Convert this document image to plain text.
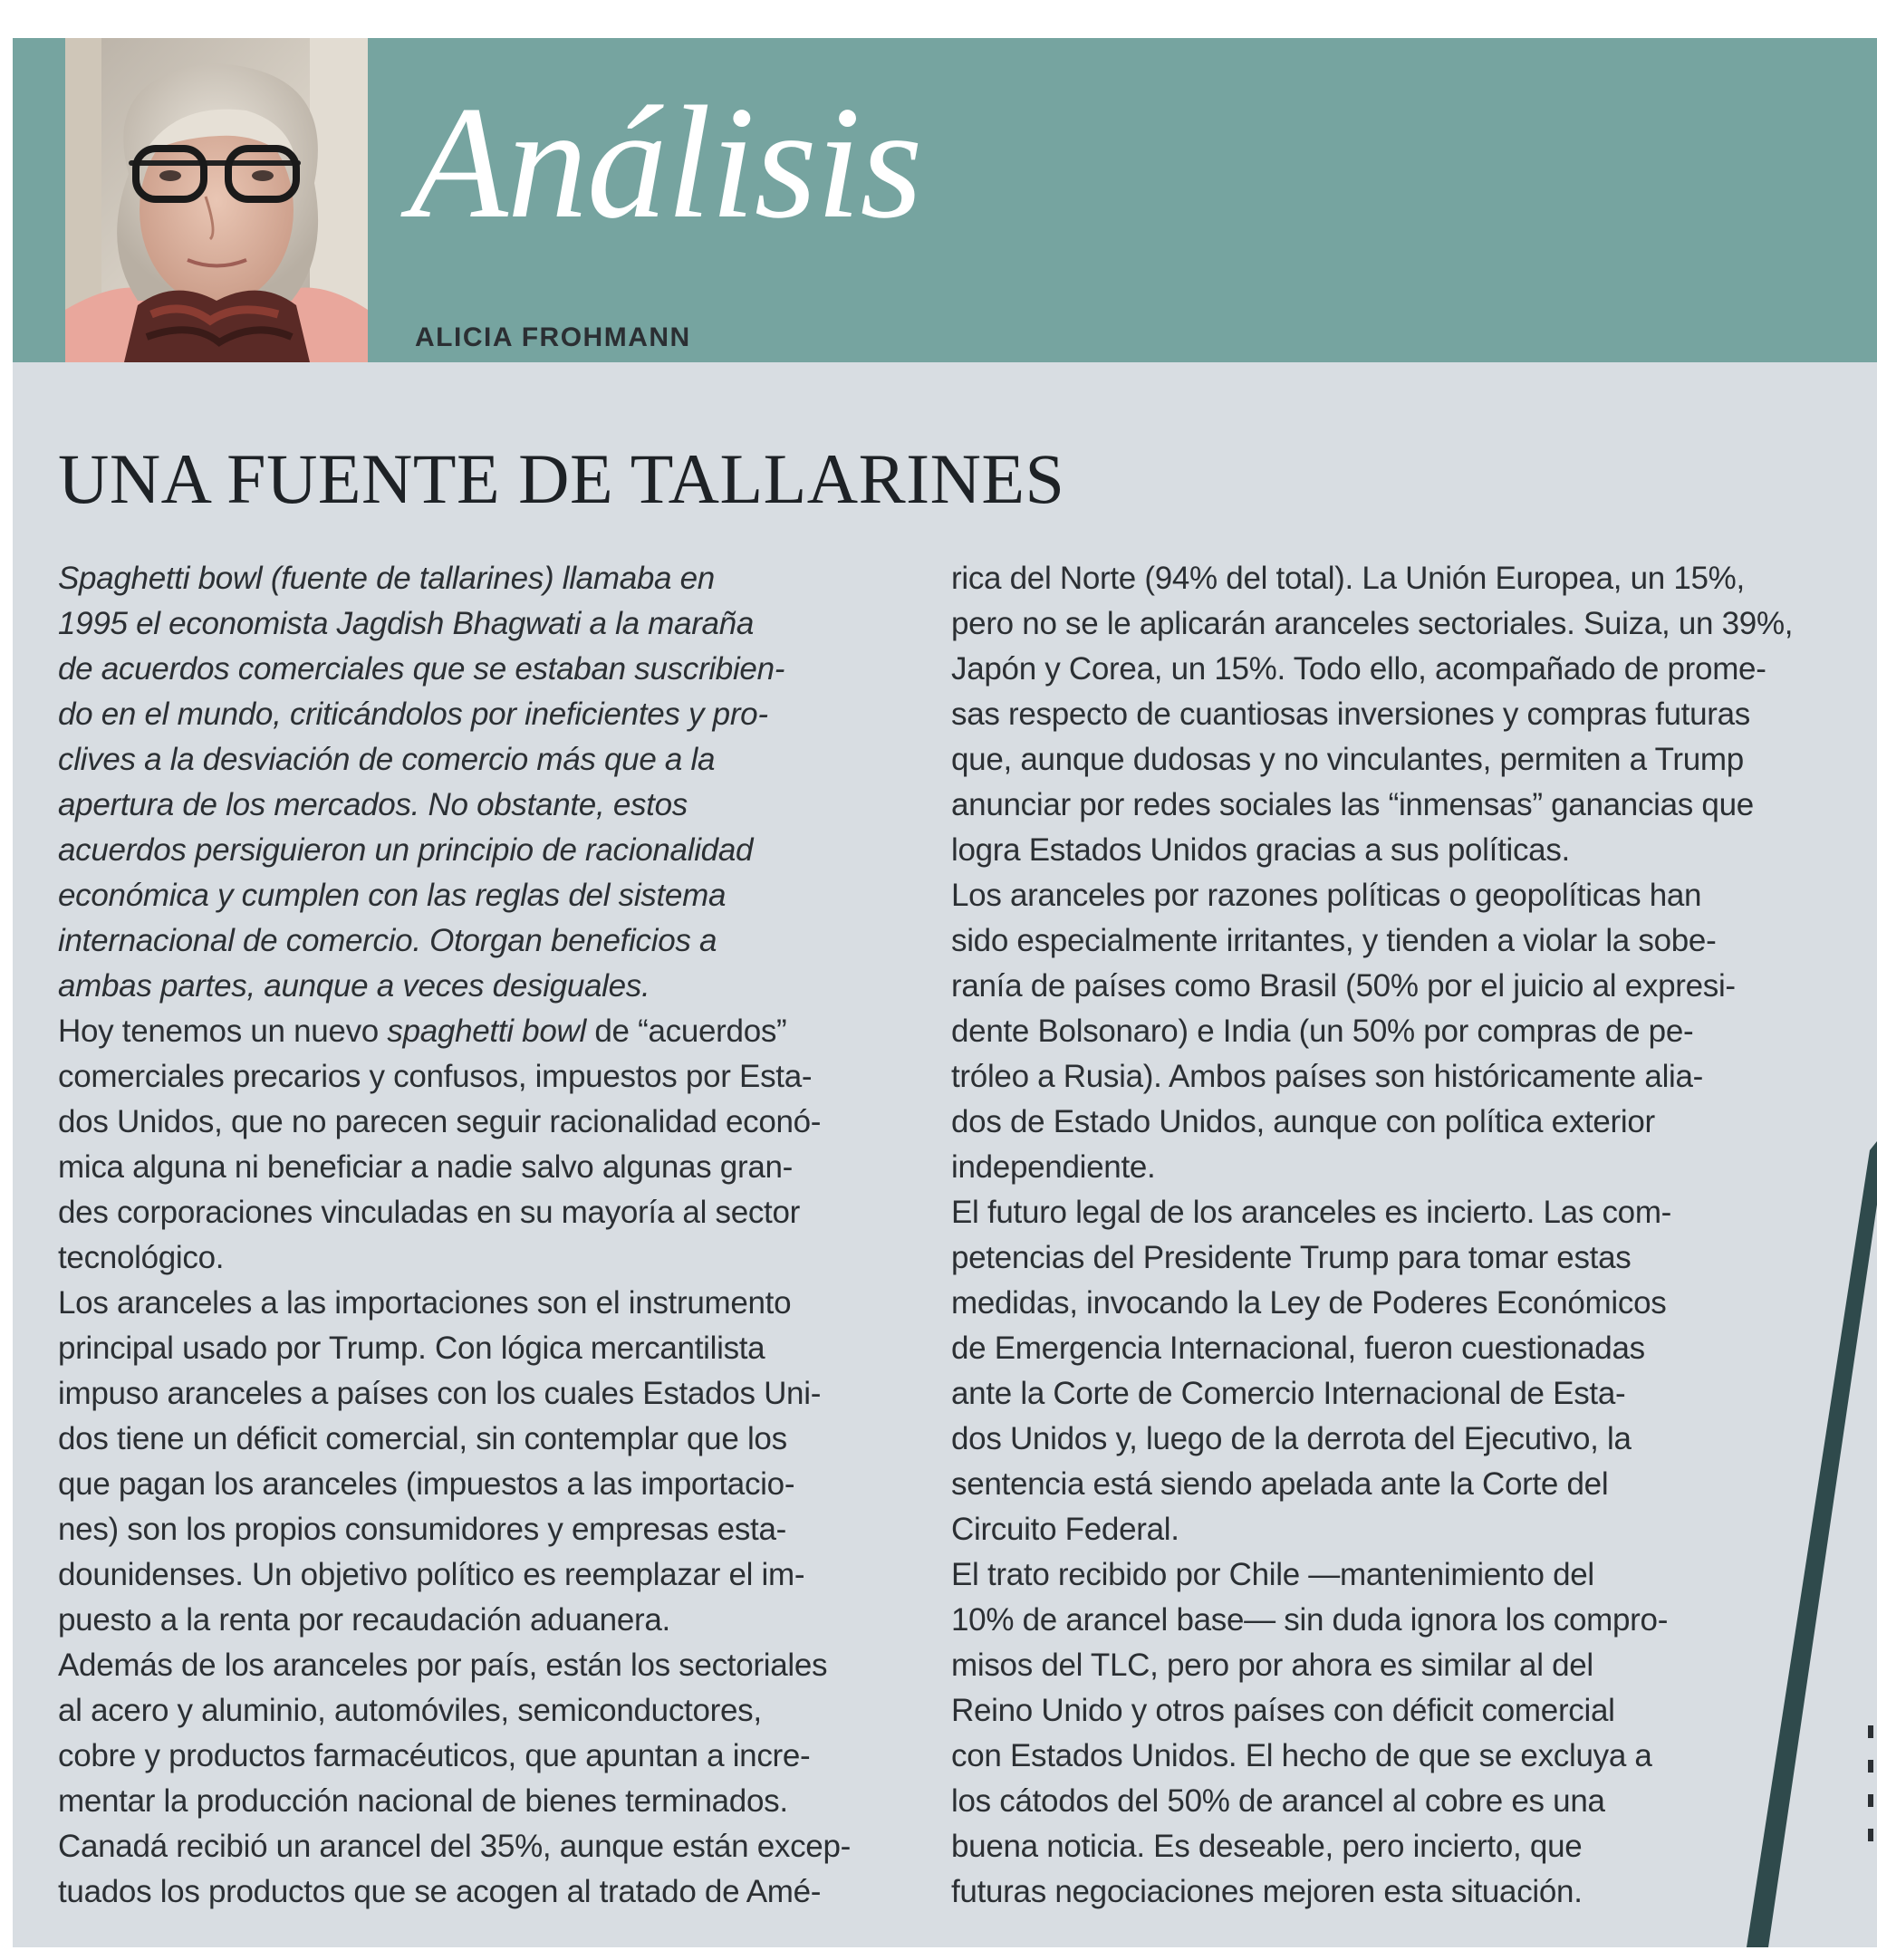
Análisis
ALICIA FROHMANN
UNA FUENTE DE TALLARINES

Spaghetti bowl (fuente de tallarines) llamaba en
1995 el economista Jagdish Bhagwati a la maraña
de acuerdos comerciales que se estaban suscribien-
do en el mundo, criticándolos por ineficientes y pro-
clives a la desviación de comercio más que a la
apertura de los mercados. No obstante, estos
acuerdos persiguieron un principio de racionalidad
económica y cumplen con las reglas del sistema
internacional de comercio. Otorgan beneficios a
ambas partes, aunque a veces desiguales.

Hoy tenemos un nuevo spaghetti bowl de “acuerdos”
comerciales precarios y confusos, impuestos por Esta-
dos Unidos, que no parecen seguir racionalidad econó-
mica alguna ni beneficiar a nadie salvo algunas gran-
des corporaciones vinculadas en su mayoría al sector
tecnológico.

Los aranceles a las importaciones son el instrumento
principal usado por Trump. Con lógica mercantilista
impuso aranceles a países con los cuales Estados Uni-
dos tiene un déficit comercial, sin contemplar que los
que pagan los aranceles (impuestos a las importacio-
nes) son los propios consumidores y empresas esta-
dounidenses. Un objetivo político es reemplazar el im-
puesto a la renta por recaudación aduanera.

Además de los aranceles por país, están los sectoriales
al acero y aluminio, automóviles, semiconductores,
cobre y productos farmacéuticos, que apuntan a incre-
mentar la producción nacional de bienes terminados.
Canadá recibió un arancel del 35%, aunque están excep-
tuados los productos que se acogen al tratado de Amé-

rica del Norte (94% del total). La Unión Europea, un 15%,
pero no se le aplicarán aranceles sectoriales. Suiza, un 39%,
Japón y Corea, un 15%. Todo ello, acompañado de prome-
sas respecto de cuantiosas inversiones y compras futuras
que, aunque dudosas y no vinculantes, permiten a Trump
anunciar por redes sociales las “inmensas” ganancias que
logra Estados Unidos gracias a sus políticas.

Los aranceles por razones políticas o geopolíticas han
sido especialmente irritantes, y tienden a violar la sobe-
ranía de países como Brasil (50% por el juicio al expresi-
dente Bolsonaro) e India (un 50% por compras de pe-
tróleo a Rusia). Ambos países son históricamente alia-
dos de Estado Unidos, aunque con política exterior
independiente.

El futuro legal de los aranceles es incierto. Las com-
petencias del Presidente Trump para tomar estas
medidas, invocando la Ley de Poderes Económicos
de Emergencia Internacional, fueron cuestionadas
ante la Corte de Comercio Internacional de Esta-
dos Unidos y, luego de la derrota del Ejecutivo, la
sentencia está siendo apelada ante la Corte del
Circuito Federal.

El trato recibido por Chile —mantenimiento del
10% de arancel base— sin duda ignora los compro-
misos del TLC, pero por ahora es similar al del
Reino Unido y otros países con déficit comercial
con Estados Unidos. El hecho de que se excluya a
los cátodos del 50% de arancel al cobre es una
buena noticia. Es deseable, pero incierto, que
futuras negociaciones mejoren esta situación.
